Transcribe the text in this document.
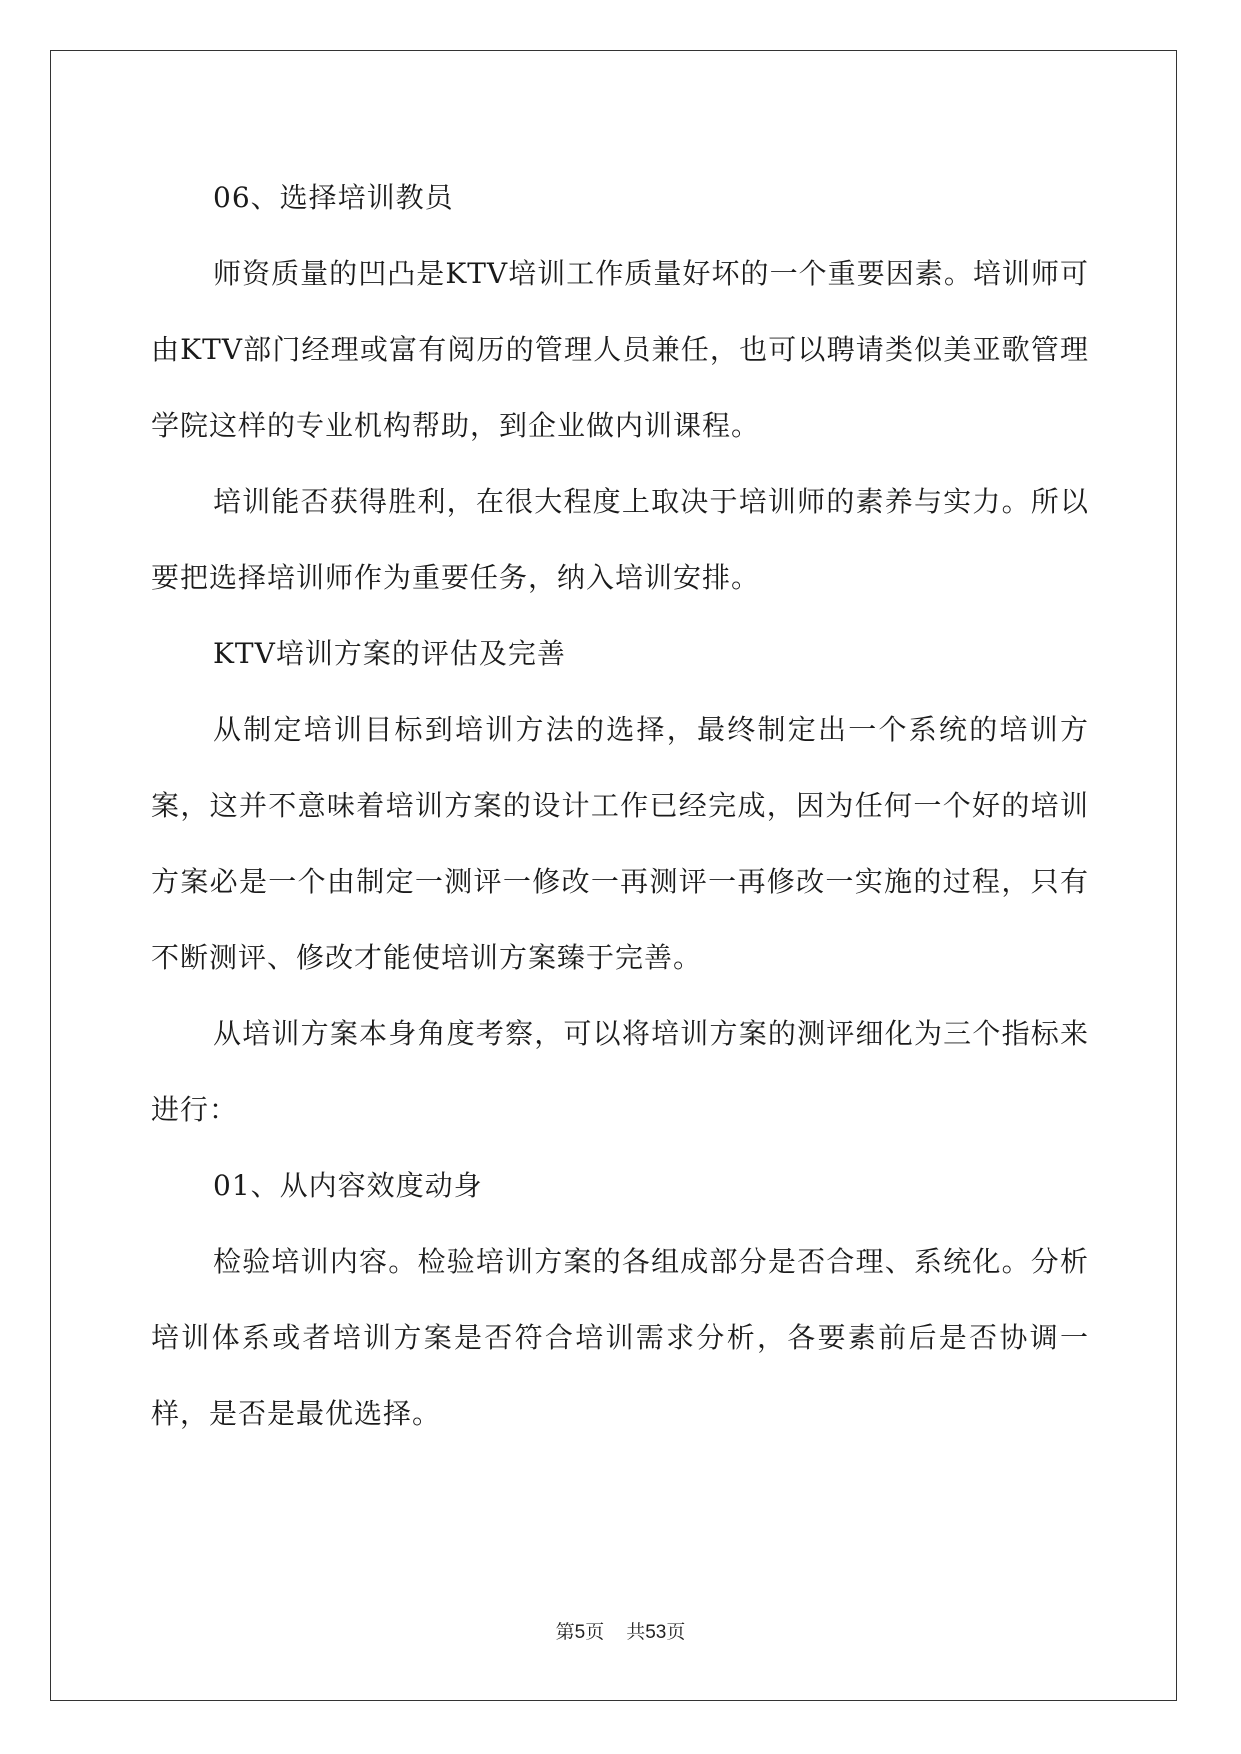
06、选择培训教员

师资质量的凹凸是KTV培训工作质量好坏的一个重要因素。培训师可由KTV部门经理或富有阅历的管理人员兼任，也可以聘请类似美亚歌管理学院这样的专业机构帮助，到企业做内训课程。

培训能否获得胜利，在很大程度上取决于培训师的素养与实力。所以要把选择培训师作为重要任务，纳入培训安排。

KTV培训方案的评估及完善

从制定培训目标到培训方法的选择，最终制定出一个系统的培训方案，这并不意味着培训方案的设计工作已经完成，因为任何一个好的培训方案必是一个由制定一测评一修改一再测评一再修改一实施的过程，只有不断测评、修改才能使培训方案臻于完善。

从培训方案本身角度考察，可以将培训方案的测评细化为三个指标来进行：

01、从内容效度动身

检验培训内容。检验培训方案的各组成部分是否合理、系统化。分析培训体系或者培训方案是否符合培训需求分析，各要素前后是否协调一样，是否是最优选择。

第5页 共53页
